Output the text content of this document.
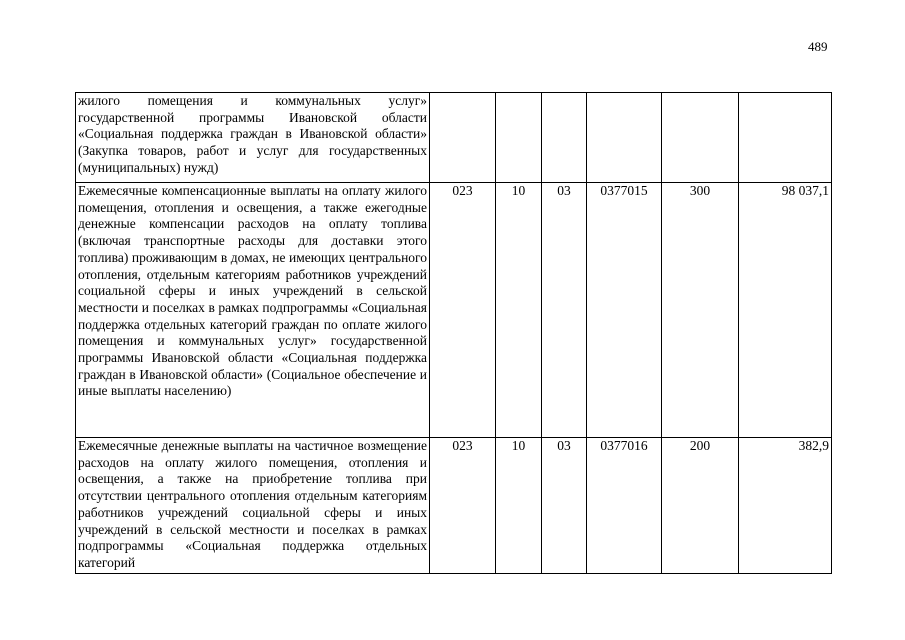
489
жилого помещения и коммунальных услуг» государственной программы Ивановской области «Социальная поддержка граждан в Ивановской области» (Закупка товаров, работ и услуг для государственных (муниципальных) нужд)						
Ежемесячные компенсационные выплаты на оплату жилого помещения, отопления и освещения, а также ежегодные денежные компенсации расходов на оплату топлива (включая транспортные расходы для доставки этого топлива) проживающим в домах, не имеющих центрального отопления, отдельным категориям работников учреждений социальной сферы и иных учреждений в сельской местности и поселках в рамках подпрограммы «Социальная поддержка отдельных категорий граждан по оплате жилого помещения и коммунальных услуг» государственной программы Ивановской области «Социальная поддержка граждан в Ивановской области» (Социальное обеспечение и иные выплаты населению)	023	10	03	0377015	300	98 037,1
Ежемесячные денежные выплаты на частичное возмещение расходов на оплату жилого помещения, отопления и освещения, а также на приобретение топлива при отсутствии центрального отопления отдельным категориям работников учреждений социальной сферы и иных учреждений в сельской местности и поселках в рамках подпрограммы «Социальная поддержка отдельных категорий	023	10	03	0377016	200	382,9
